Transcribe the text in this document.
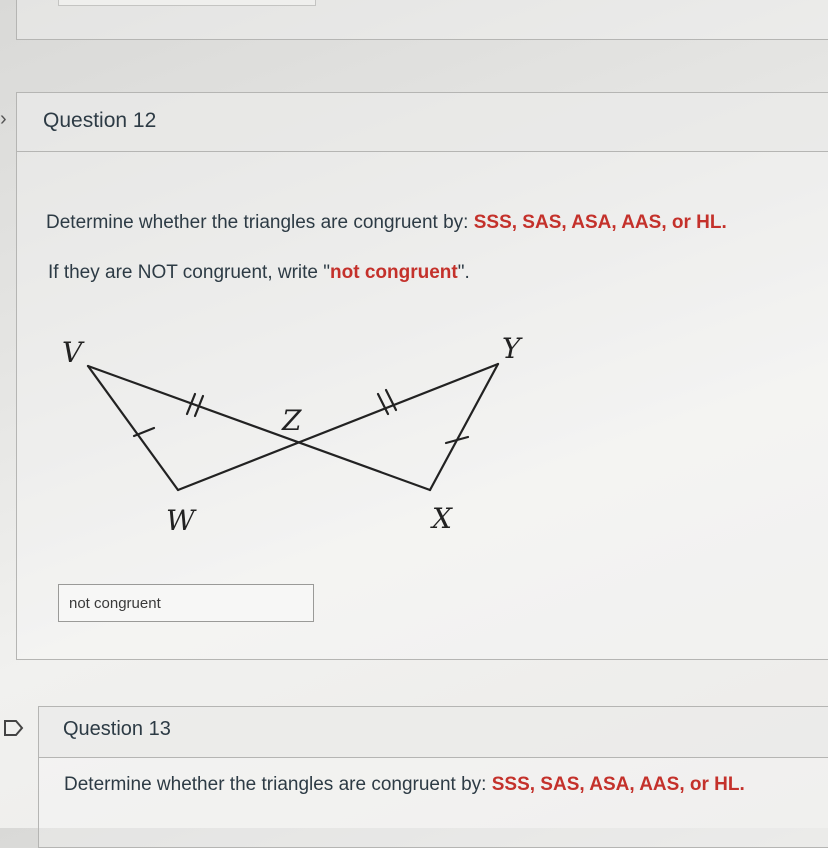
› Question 12
Determine whether the triangles are congruent by: SSS, SAS, ASA, AAS, or HL.
If they are NOT congruent, write "not congruent".
V
W
Z
Y
X
not congruent
Question 13
Determine whether the triangles are congruent by: SSS, SAS, ASA, AAS, or HL.
